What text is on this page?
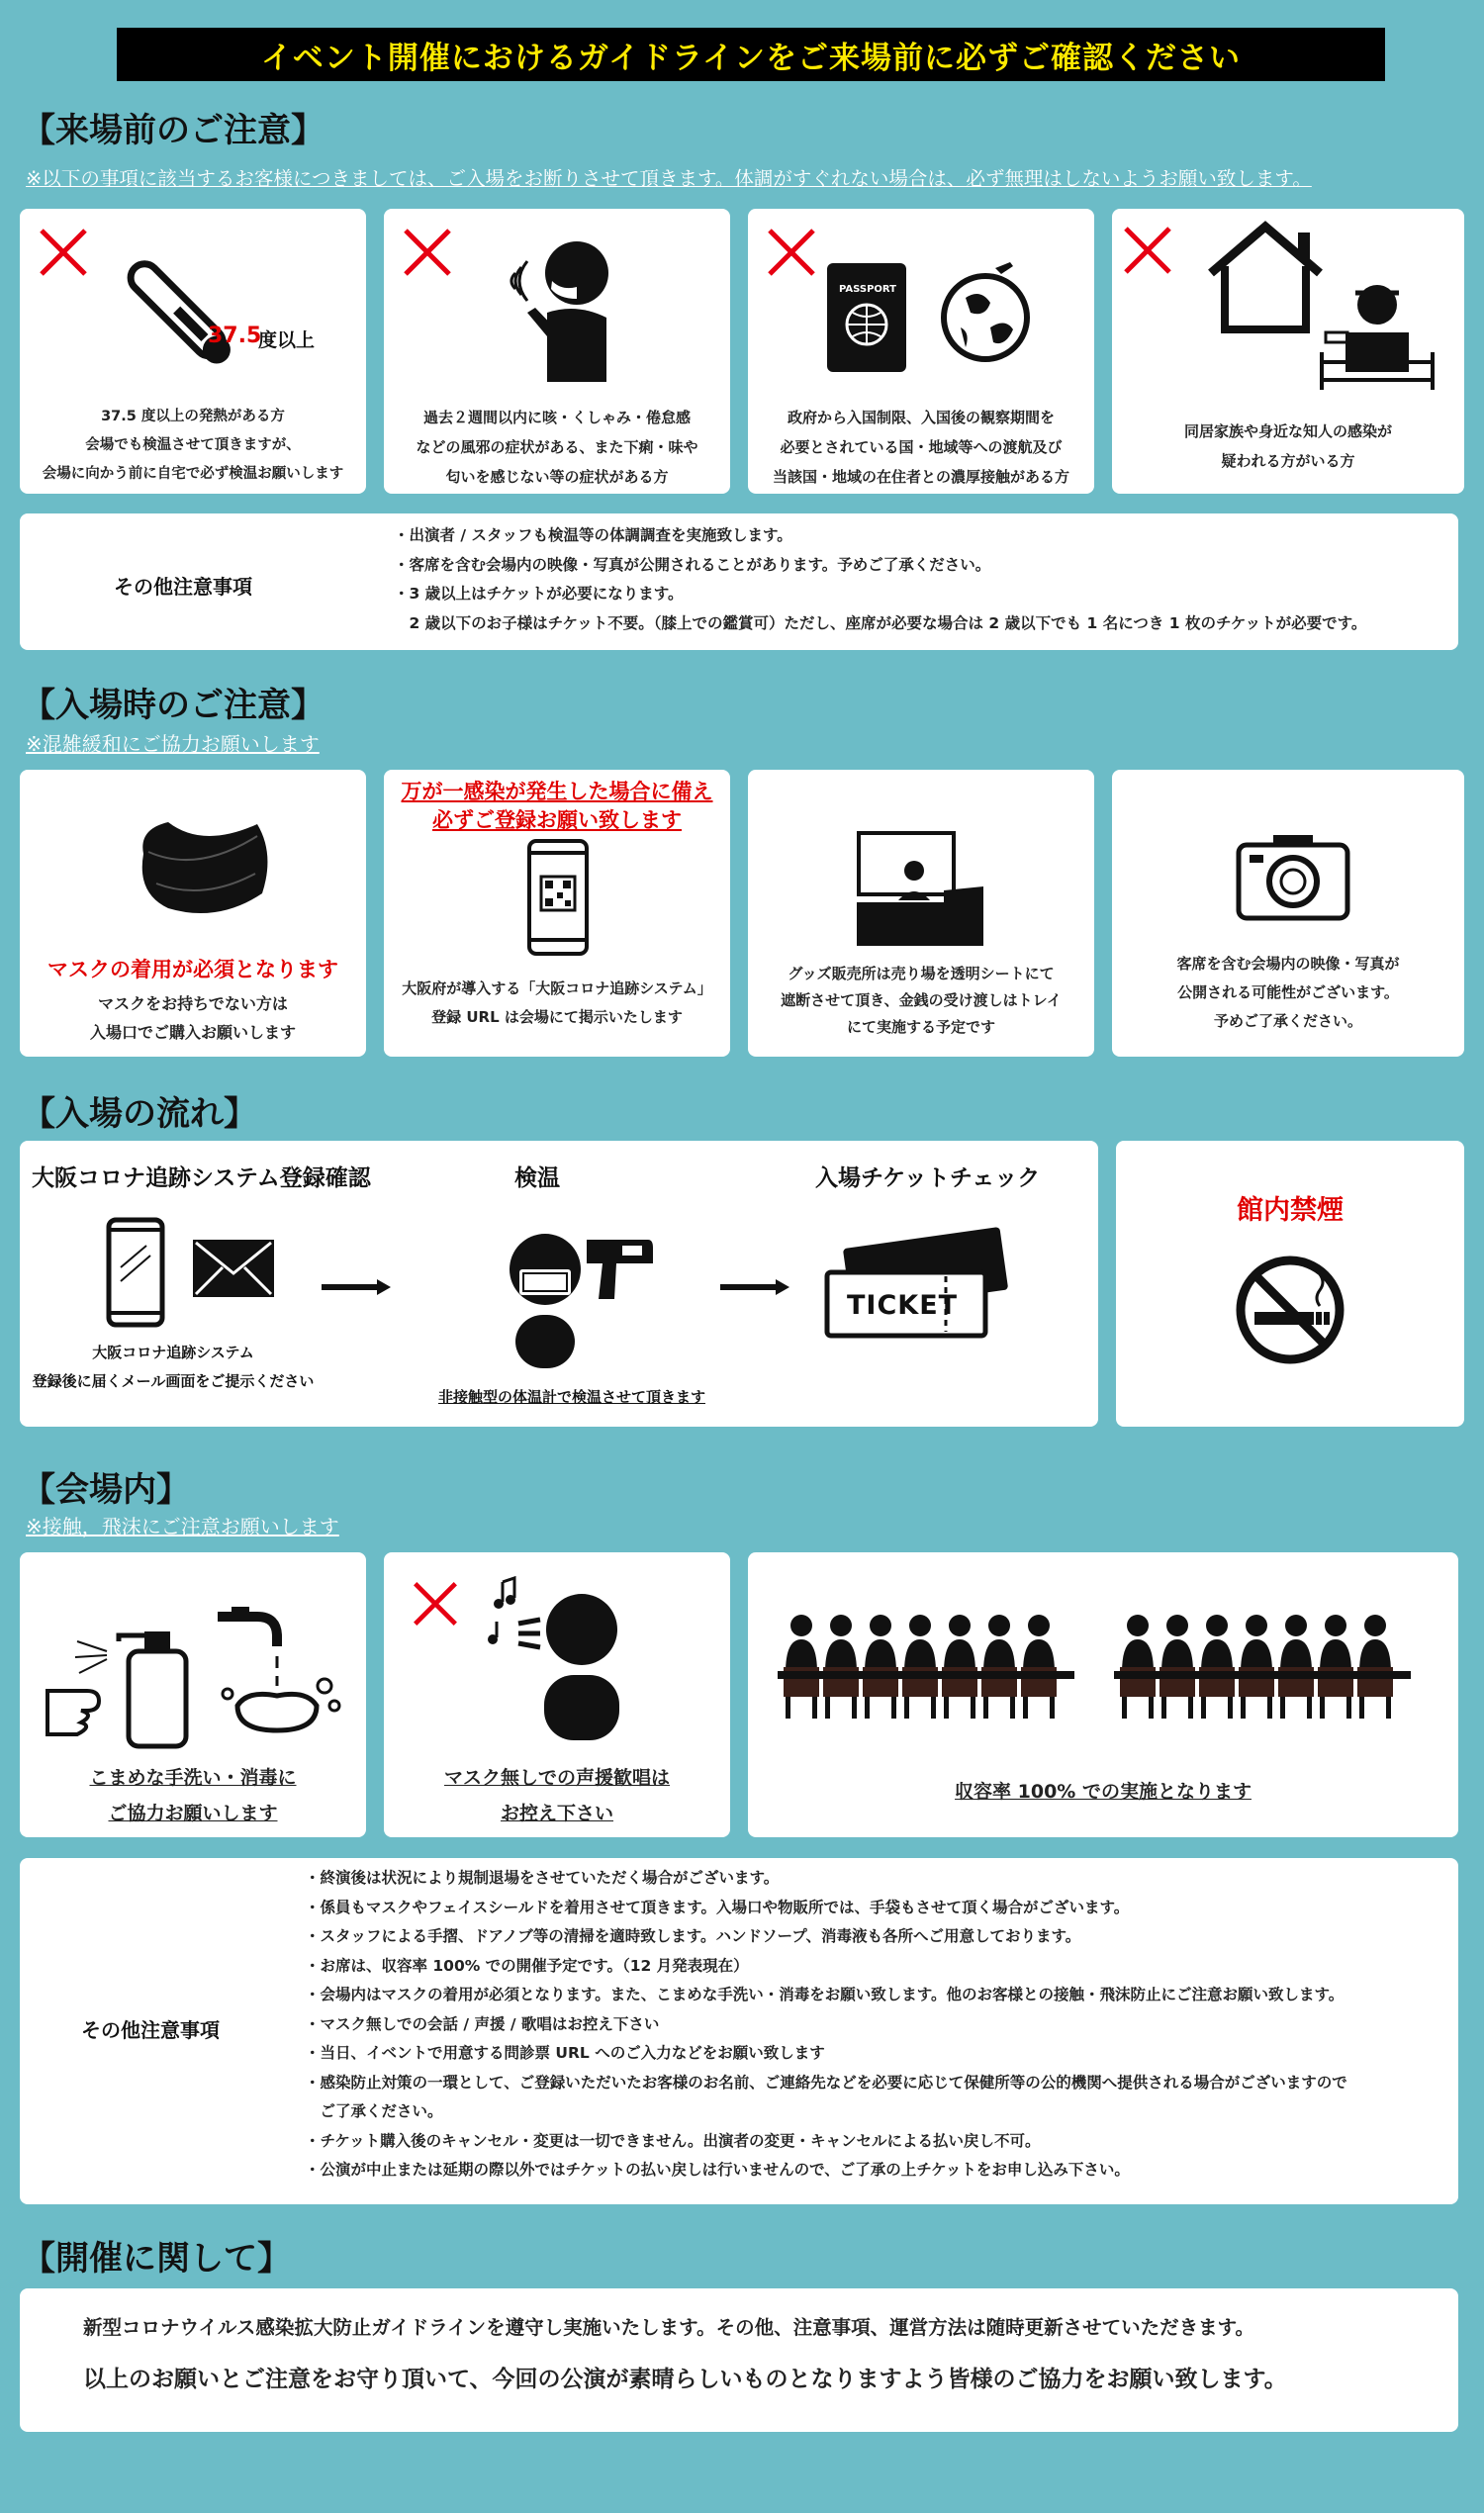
イベント開催におけるガイドラインをご来場前に必ずご確認ください
【来場前のご注意】
※以下の事項に該当するお客様につきましては、ご入場をお断りさせて頂きます。体調がすぐれない場合は、必ず無理はしないようお願い致します。
37.5
度以上
37.5 度以上の発熱がある方
会場でも検温させて頂きますが、
会場に向かう前に自宅で必ず検温お願いします
過去２週間以内に咳・くしゃみ・倦怠感
などの風邪の症状がある、また下痢・味や
匂いを感じない等の症状がある方
PASSPORT
政府から入国制限、入国後の観察期間を
必要とされている国・地域等への渡航及び
当該国・地域の在住者との濃厚接触がある方
同居家族や身近な知人の感染が
疑われる方がいる方
その他注意事項
・出演者 / スタッフも検温等の体調調査を実施致します。
・客席を含む会場内の映像・写真が公開されることがあります。予めご了承ください。
・3 歳以上はチケットが必要になります。
　2 歳以下のお子様はチケット不要。（膝上での鑑賞可）ただし、座席が必要な場合は 2 歳以下でも 1 名につき 1 枚のチケットが必要です。
【入場時のご注意】
※混雑緩和にご協力お願いします
マスクの着用が必須となります
マスクをお持ちでない方は
入場口でご購入お願いします
万が一感染が発生した場合に備え
必ずご登録お願い致します
大阪府が導入する「大阪コロナ追跡システム」
登録 URL は会場にて掲示いたします
グッズ販売所は売り場を透明シートにて
遮断させて頂き、金銭の受け渡しはトレイ
にて実施する予定です
客席を含む会場内の映像・写真が
公開される可能性がございます。
予めご了承ください。
【入場の流れ】
大阪コロナ追跡システム登録確認	検温	入場チケットチェック
TICKET
大阪コロナ追跡システム
登録後に届くメール画面をご提示ください
非接触型の体温計で検温させて頂きます
館内禁煙
【会場内】
※接触，飛沫にご注意お願いします
こまめな手洗い・消毒に
ご協力お願いします
マスク無しでの声援歓唱は
お控え下さい
収容率 100% での実施となります
その他注意事項
・終演後は状況により規制退場をさせていただく場合がございます。
・係員もマスクやフェイスシールドを着用させて頂きます。入場口や物販所では、手袋もさせて頂く場合がございます。
・スタッフによる手摺、ドアノブ等の清掃を適時致します。ハンドソープ、消毒液も各所へご用意しております。
・お席は、収容率 100% での開催予定です。（12 月発表現在）
・会場内はマスクの着用が必須となります。また、こまめな手洗い・消毒をお願い致します。他のお客様との接触・飛沫防止にご注意お願い致します。
・マスク無しでの会話 / 声援 / 歌唱はお控え下さい
・当日、イベントで用意する問診票 URL へのご入力などをお願い致します
・感染防止対策の一環として、ご登録いただいたお客様のお名前、ご連絡先などを必要に応じて保健所等の公的機関へ提供される場合がございますので
　ご了承ください。
・チケット購入後のキャンセル・変更は一切できません。出演者の変更・キャンセルによる払い戻し不可。
・公演が中止または延期の際以外ではチケットの払い戻しは行いませんので、ご了承の上チケットをお申し込み下さい。
【開催に関して】
新型コロナウイルス感染拡大防止ガイドラインを遵守し実施いたします。その他、注意事項、運営方法は随時更新させていただきます。
以上のお願いとご注意をお守り頂いて、今回の公演が素晴らしいものとなりますよう皆様のご協力をお願い致します。
